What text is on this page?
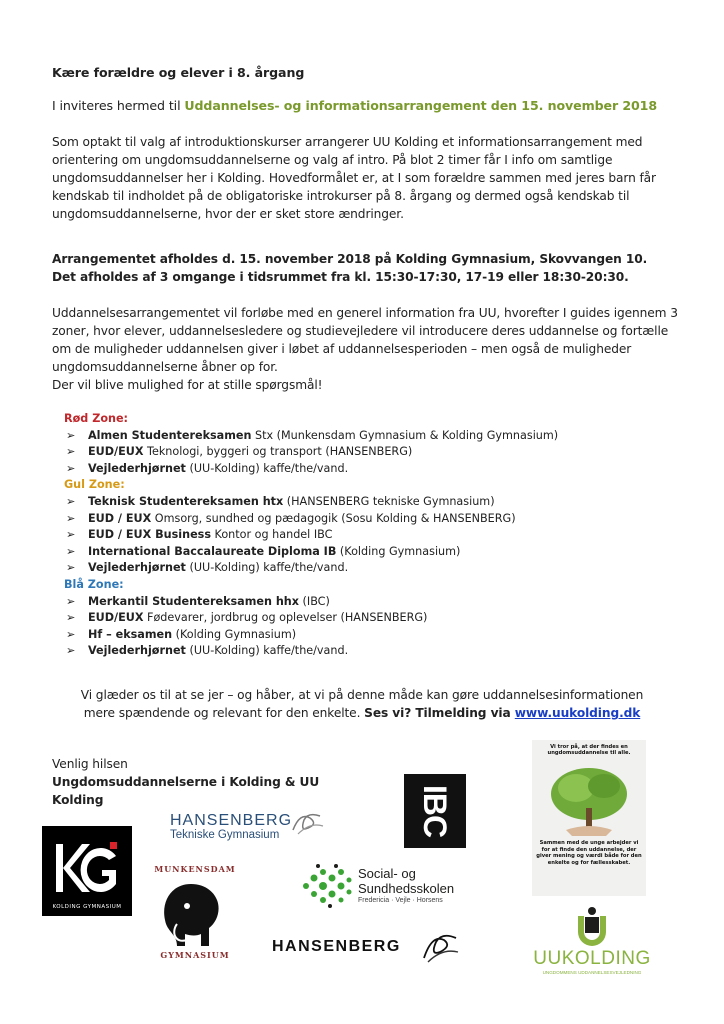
Kære forældre og elever i 8. årgang
I inviteres hermed til Uddannelses- og informationsarrangement den 15. november 2018
Som optakt til valg af introduktionskurser arrangerer UU Kolding et informationsarrangement med orientering om ungdomsuddannelserne og valg af intro. På blot 2 timer får I info om samtlige ungdomsuddannelser her i Kolding. Hovedformålet er, at I som forældre sammen med jeres barn får kendskab til indholdet på de obligatoriske introkurser på 8. årgang og dermed også kendskab til ungdomsuddannelserne, hvor der er sket store ændringer.
Arrangementet afholdes d. 15. november 2018 på Kolding Gymnasium, Skovvangen 10.
Det afholdes af 3 omgange i tidsrummet fra kl. 15:30-17:30, 17-19 eller 18:30-20:30.
Uddannelsesarrangementet vil forløbe med en generel information fra UU, hvorefter I guides igennem 3 zoner, hvor elever, uddannelsesledere og studievejledere vil introducere deres uddannelse og fortælle om de muligheder uddannelsen giver i løbet af uddannelsesperioden – men også de muligheder ungdomsuddannelserne åbner op for.
Der vil blive mulighed for at stille spørgsmål!
Rød Zone:
➢ Almen Studentereksamen Stx (Munkensdam Gymnasium & Kolding Gymnasium)
➢ EUD/EUX Teknologi, byggeri og transport (HANSENBERG)
➢ Vejlederhjørnet (UU-Kolding) kaffe/the/vand.
Gul Zone:
➢ Teknisk Studentereksamen htx (HANSENBERG tekniske Gymnasium)
➢ EUD / EUX Omsorg, sundhed og pædagogik (Sosu Kolding & HANSENBERG)
➢ EUD / EUX Business Kontor og handel IBC
➢ International Baccalaureate Diploma IB (Kolding Gymnasium)
➢ Vejlederhjørnet (UU-Kolding) kaffe/the/vand.
Blå Zone:
➢ Merkantil Studentereksamen hhx (IBC)
➢ EUD/EUX Fødevarer, jordbrug og oplevelser (HANSENBERG)
➢ Hf – eksamen (Kolding Gymnasium)
➢ Vejlederhjørnet (UU-Kolding) kaffe/the/vand.
Vi glæder os til at se jer – og håber, at vi på denne måde kan gøre uddannelsesinformationen
mere spændende og relevant for den enkelte. Ses vi? Tilmelding via www.uukolding.dk
Venlig hilsen
Ungdomsuddannelserne i Kolding & UU Kolding
KOLDING GYMNASIUM
HANSENBERG
Tekniske Gymnasium
MUNKENSDAM
GYMNASIUM
IBC
Social- og
Sundhedsskolen
Fredericia · Vejle · Horsens
HANSENBERG
Vi tror på, at der findes en ungdomsuddannelse til alle.
Sammen med de unge arbejder vi for at finde den uddannelse, der giver mening og værdi både for den enkelte og for fællesskabet.
UUKOLDING
UNGDOMMENS UDDANNELSESVEJLEDNING
